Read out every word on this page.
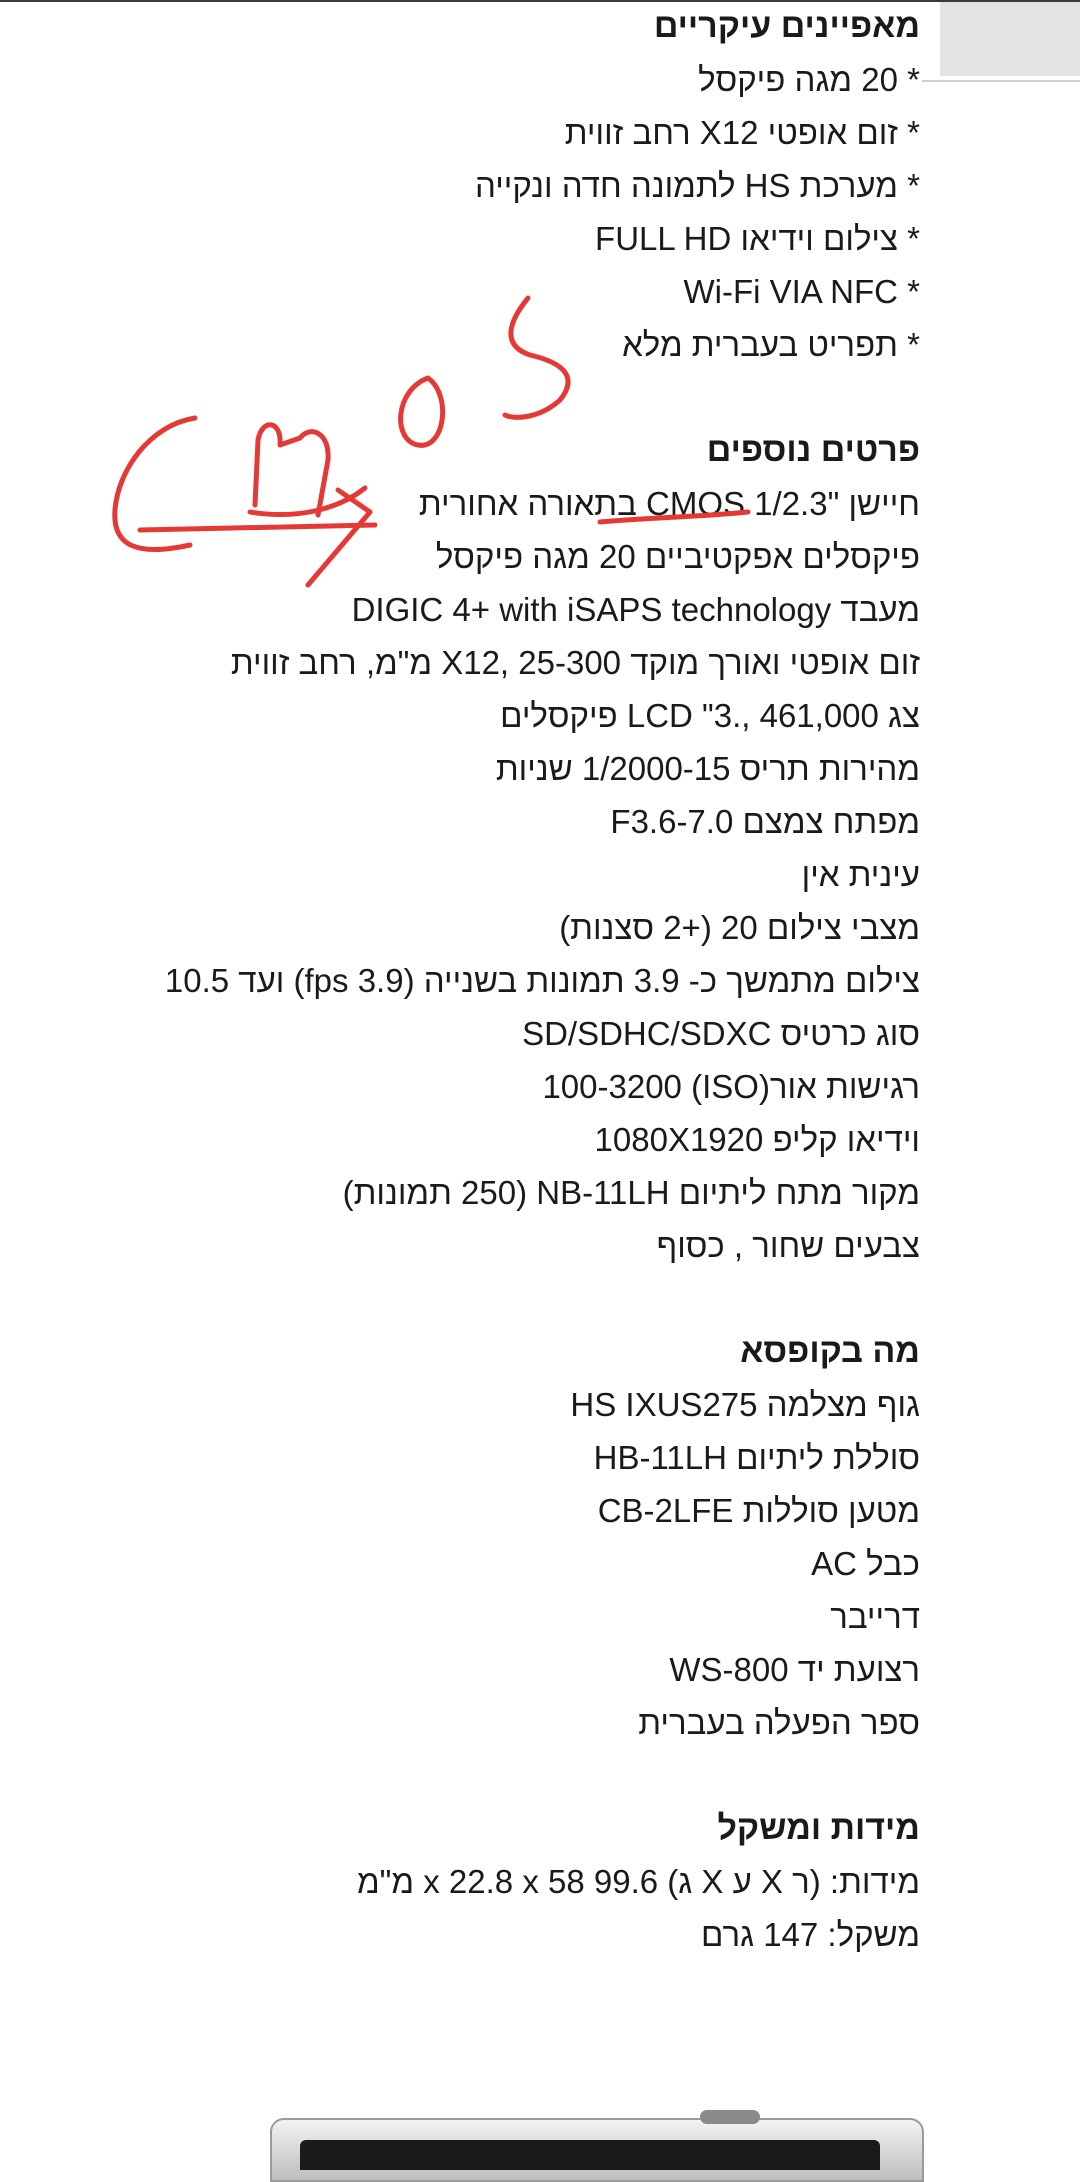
מאפיינים עיקריים
* 20 מגה פיקסל
* זום אופטי X12 רחב זווית
* מערכת HS לתמונה חדה ונקייה
* צילום וידיאו FULL HD
* Wi-Fi VIA NFC
* תפריט בעברית מלא
פרטים נוספים
חיישן "1/2.3 CMOS בתאורה אחורית
פיקסלים אפקטיביים 20 מגה פיקסל
מעבד DIGIC 4+ with iSAPS technology
זום אופטי ואורך מוקד X12, 25-300 מ"מ, רחב זווית
צג LCD "3., 461,000 פיקסלים
מהירות תריס 1/2000-15 שניות
מפתח צמצם F3.6-7.0
עינית אין
מצבי צילום 20 (+2 סצנות)
צילום מתמשך כ- 3.9 תמונות בשנייה (fps 3.9) ועד 10.5
סוג כרטיס SD/SDHC/SDXC
רגישות אור(ISO) 100-3200
וידיאו קליפ 1080X1920
מקור מתח ליתיום NB-11LH (250 תמונות)
צבעים שחור , כסוף
מה בקופסא
גוף מצלמה HS IXUS275
סוללת ליתיום HB-11LH
מטען סוללות CB-2LFE
כבל AC
דרייבר
רצועת יד WS-800
ספר הפעלה בעברית
מידות ומשקל
מידות: (ר X ע X ג) 99.6 x 22.8 x 58 מ"מ
משקל: 147 גרם
